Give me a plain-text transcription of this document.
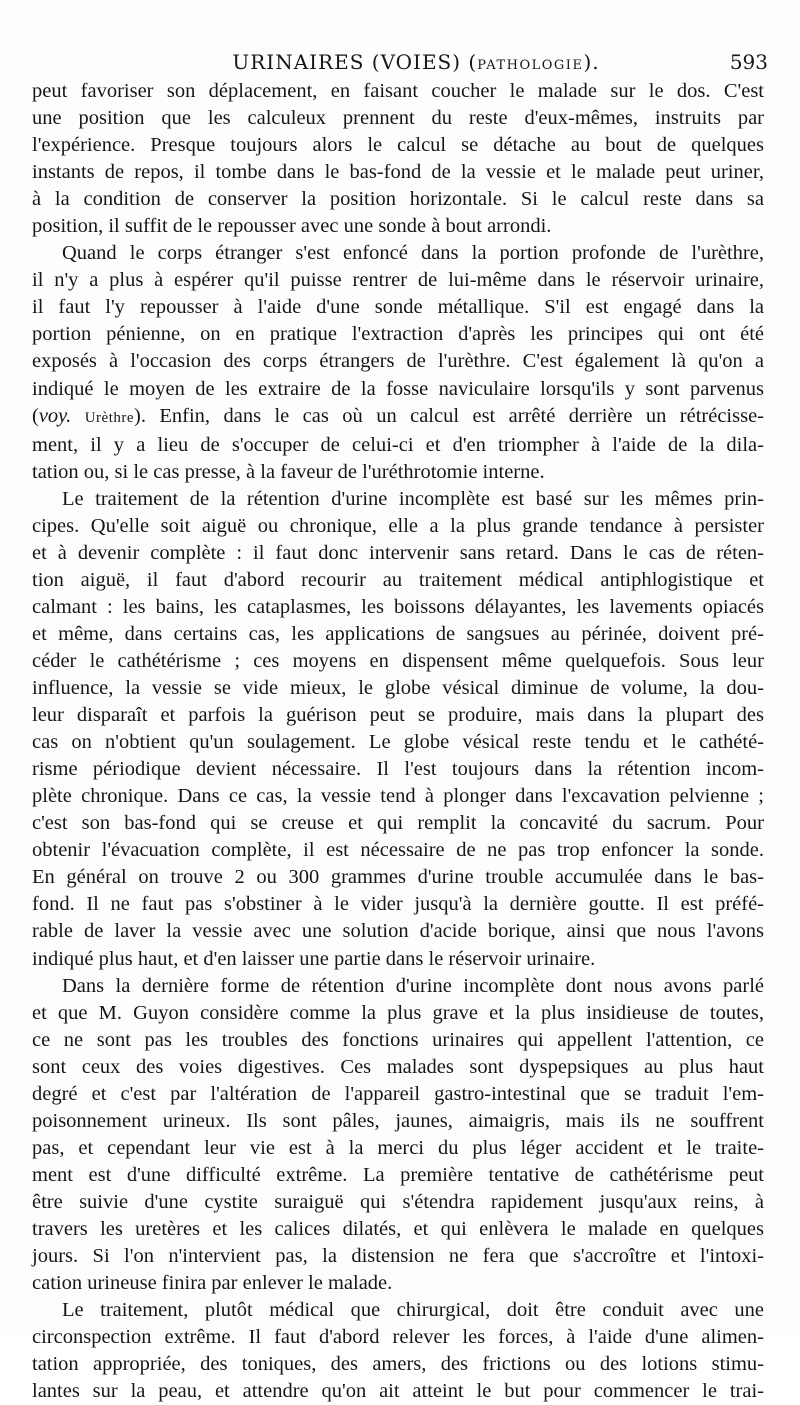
URINAIRES (VOIES) (PATHOLOGIE).	593

peut favoriser son déplacement, en faisant coucher le malade sur le dos. C'est

une position que les calculeux prennent du reste d'eux-mêmes, instruits par

l'expérience. Presque toujours alors le calcul se détache au bout de quelques

instants de repos, il tombe dans le bas-fond de la vessie et le malade peut uriner,

à la condition de conserver la position horizontale. Si le calcul reste dans sa

position, il suffit de le repousser avec une sonde à bout arrondi.

Quand le corps étranger s'est enfoncé dans la portion profonde de l'urèthre,

il n'y a plus à espérer qu'il puisse rentrer de lui-même dans le réservoir urinaire,

il faut l'y repousser à l'aide d'une sonde métallique. S'il est engagé dans la

portion pénienne, on en pratique l'extraction d'après les principes qui ont été

exposés à l'occasion des corps étrangers de l'urèthre. C'est également là qu'on a

indiqué le moyen de les extraire de la fosse naviculaire lorsqu'ils y sont parvenus

(voy. Urèthre). Enfin, dans le cas où un calcul est arrêté derrière un rétrécisse-

ment, il y a lieu de s'occuper de celui-ci et d'en triompher à l'aide de la dila-

tation ou, si le cas presse, à la faveur de l'uréthrotomie interne.

Le traitement de la rétention d'urine incomplète est basé sur les mêmes prin-

cipes. Qu'elle soit aiguë ou chronique, elle a la plus grande tendance à persister

et à devenir complète : il faut donc intervenir sans retard. Dans le cas de réten-

tion aiguë, il faut d'abord recourir au traitement médical antiphlogistique et

calmant : les bains, les cataplasmes, les boissons délayantes, les lavements opiacés

et même, dans certains cas, les applications de sangsues au périnée, doivent pré-

céder le cathétérisme ; ces moyens en dispensent même quelquefois. Sous leur

influence, la vessie se vide mieux, le globe vésical diminue de volume, la dou-

leur disparaît et parfois la guérison peut se produire, mais dans la plupart des

cas on n'obtient qu'un soulagement. Le globe vésical reste tendu et le cathété-

risme périodique devient nécessaire. Il l'est toujours dans la rétention incom-

plète chronique. Dans ce cas, la vessie tend à plonger dans l'excavation pelvienne ;

c'est son bas-fond qui se creuse et qui remplit la concavité du sacrum. Pour

obtenir l'évacuation complète, il est nécessaire de ne pas trop enfoncer la sonde.

En général on trouve 2 ou 300 grammes d'urine trouble accumulée dans le bas-

fond. Il ne faut pas s'obstiner à le vider jusqu'à la dernière goutte. Il est préfé-

rable de laver la vessie avec une solution d'acide borique, ainsi que nous l'avons

indiqué plus haut, et d'en laisser une partie dans le réservoir urinaire.

Dans la dernière forme de rétention d'urine incomplète dont nous avons parlé

et que M. Guyon considère comme la plus grave et la plus insidieuse de toutes,

ce ne sont pas les troubles des fonctions urinaires qui appellent l'attention, ce

sont ceux des voies digestives. Ces malades sont dyspepsiques au plus haut

degré et c'est par l'altération de l'appareil gastro-intestinal que se traduit l'em-

poisonnement urineux. Ils sont pâles, jaunes, aimaigris, mais ils ne souffrent

pas, et cependant leur vie est à la merci du plus léger accident et le traite-

ment est d'une difficulté extrême. La première tentative de cathétérisme peut

être suivie d'une cystite suraiguë qui s'étendra rapidement jusqu'aux reins, à

travers les uretères et les calices dilatés, et qui enlèvera le malade en quelques

jours. Si l'on n'intervient pas, la distension ne fera que s'accroître et l'intoxi-

cation urineuse finira par enlever le malade.

Le traitement, plutôt médical que chirurgical, doit être conduit avec une

circonspection extrême. Il faut d'abord relever les forces, à l'aide d'une alimen-

tation appropriée, des toniques, des amers, des frictions ou des lotions stimu-

lantes sur la peau, et attendre qu'on ait atteint le but pour commencer le trai-
